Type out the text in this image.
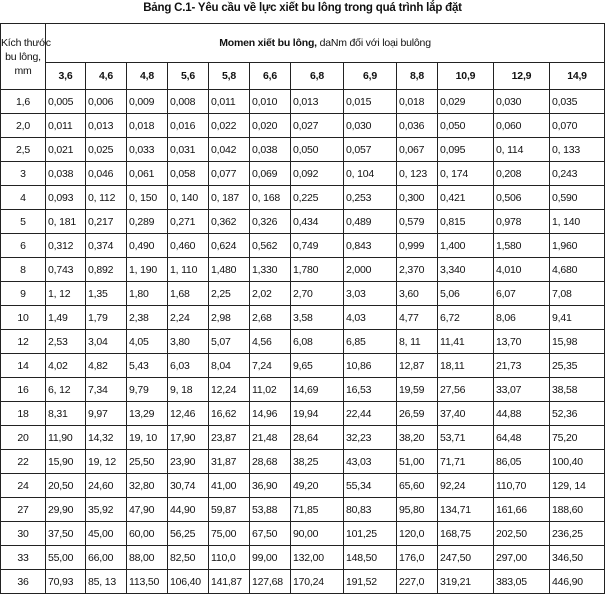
Bảng C.1- Yêu cầu về lực xiết bu lông trong quá trình lắp đặt
Kích thước
bu lông,
mm	Momen xiết bu lông, daNm đối với loại bulông											
	3,6	4,6	4,8	5,6	5,8	6,6	6,8	6,9	8,8	10,9	12,9	14,9
1,6	0,005	0,006	0,009	0,008	0,011	0,010	0,013	0,015	0,018	0,029	0,030	0,035
2,0	0,011	0,013	0,018	0,016	0,022	0,020	0,027	0,030	0,036	0,050	0,060	0,070
2,5	0,021	0,025	0,033	0,031	0,042	0,038	0,050	0,057	0,067	0,095	0, 114	0, 133
3	0,038	0,046	0,061	0,058	0,077	0,069	0,092	0, 104	0, 123	0, 174	0,208	0,243
4	0,093	0, 112	0, 150	0, 140	0, 187	0, 168	0,225	0,253	0,300	0,421	0,506	0,590
5	0, 181	0,217	0,289	0,271	0,362	0,326	0,434	0,489	0,579	0,815	0,978	1, 140
6	0,312	0,374	0,490	0,460	0,624	0,562	0,749	0,843	0,999	1,400	1,580	1,960
8	0,743	0,892	1, 190	1, 110	1,480	1,330	1,780	2,000	2,370	3,340	4,010	4,680
9	1, 12	1,35	1,80	1,68	2,25	2,02	2,70	3,03	3,60	5,06	6,07	7,08
10	1,49	1,79	2,38	2,24	2,98	2,68	3,58	4,03	4,77	6,72	8,06	9,41
12	2,53	3,04	4,05	3,80	5,07	4,56	6,08	6,85	8, 11	11,41	13,70	15,98
14	4,02	4,82	5,43	6,03	8,04	7,24	9,65	10,86	12,87	18,11	21,73	25,35
16	6, 12	7,34	9,79	9, 18	12,24	11,02	14,69	16,53	19,59	27,56	33,07	38,58
18	8,31	9,97	13,29	12,46	16,62	14,96	19,94	22,44	26,59	37,40	44,88	52,36
20	11,90	14,32	19, 10	17,90	23,87	21,48	28,64	32,23	38,20	53,71	64,48	75,20
22	15,90	19, 12	25,50	23,90	31,87	28,68	38,25	43,03	51,00	71,71	86,05	100,40
24	20,50	24,60	32,80	30,74	41,00	36,90	49,20	55,34	65,60	92,24	110,70	129, 14
27	29,90	35,92	47,90	44,90	59,87	53,88	71,85	80,83	95,80	134,71	161,66	188,60
30	37,50	45,00	60,00	56,25	75,00	67,50	90,00	101,25	120,0	168,75	202,50	236,25
33	55,00	66,00	88,00	82,50	110,0	99,00	132,00	148,50	176,0	247,50	297,00	346,50
36	70,93	85, 13	113,50	106,40	141,87	127,68	170,24	191,52	227,0	319,21	383,05	446,90
